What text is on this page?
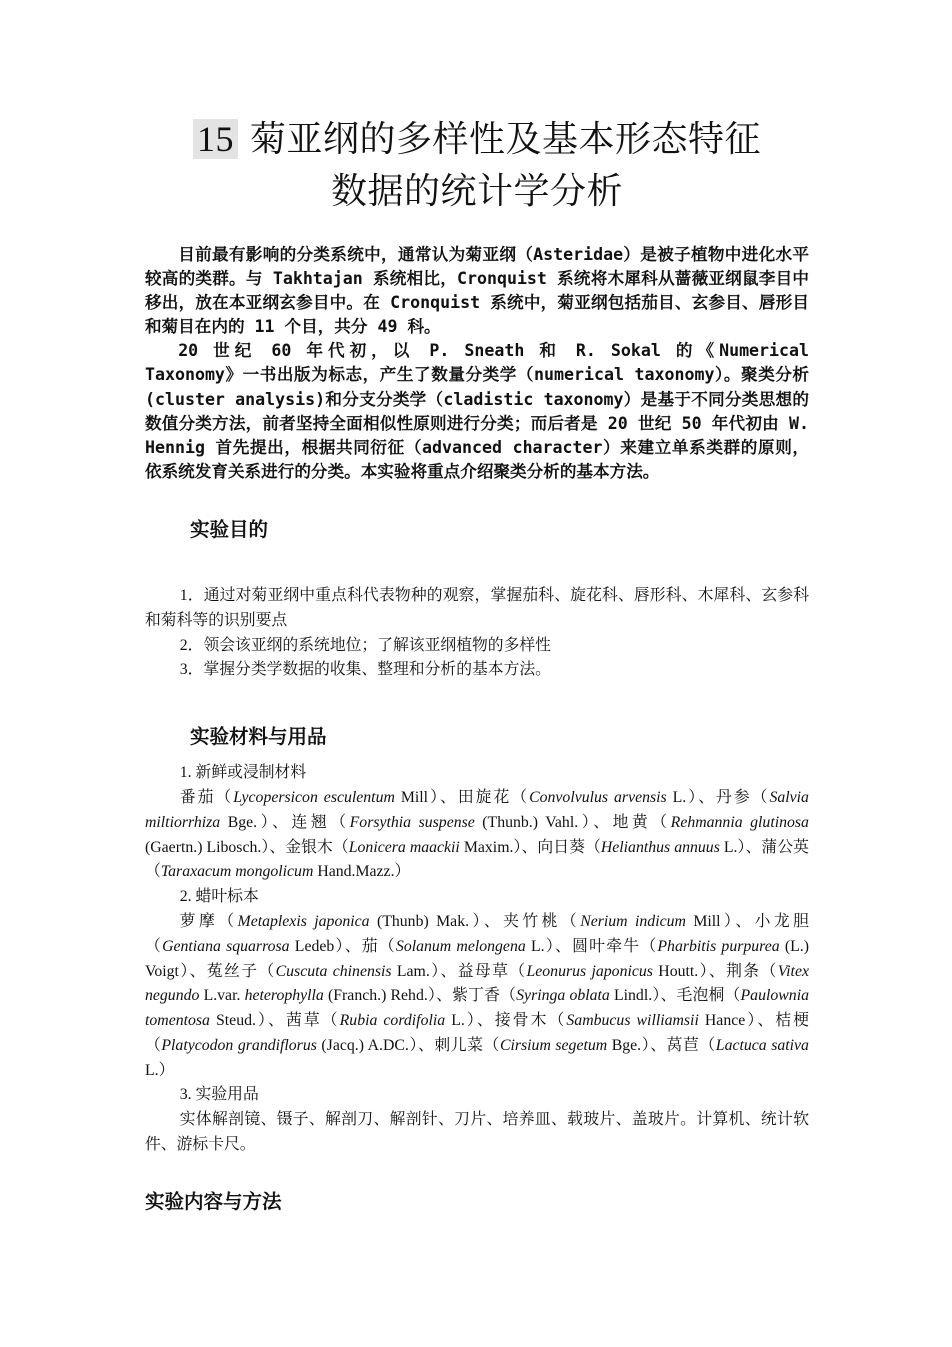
15 菊亚纲的多样性及基本形态特征
数据的统计学分析

目前最有影响的分类系统中，通常认为菊亚纲（Asteridae）是被子植物中进化水平较高的类群。与 Takhtajan 系统相比，Cronquist 系统将木犀科从蔷薇亚纲鼠李目中移出，放在本亚纲玄参目中。在 Cronquist 系统中，菊亚纲包括茄目、玄参目、唇形目和菊目在内的 11 个目，共分 49 科。

20 世纪 60 年代初，以 P. Sneath 和 R. Sokal 的《Numerical Taxonomy》一书出版为标志，产生了数量分类学（numerical taxonomy）。聚类分析(cluster analysis)和分支分类学（cladistic taxonomy）是基于不同分类思想的数值分类方法，前者坚持全面相似性原则进行分类；而后者是 20 世纪 50 年代初由 W. Hennig 首先提出，根据共同衍征（advanced character）来建立单系类群的原则，依系统发育关系进行的分类。本实验将重点介绍聚类分析的基本方法。

实验目的

1．通过对菊亚纲中重点科代表物种的观察，掌握茄科、旋花科、唇形科、木犀科、玄参科和菊科等的识别要点

2．领会该亚纲的系统地位；了解该亚纲植物的多样性

3．掌握分类学数据的收集、整理和分析的基本方法。

实验材料与用品

1. 新鲜或浸制材料

番茄（Lycopersicon esculentum Mill）、田旋花（Convolvulus arvensis L.）、丹参（Salvia miltiorrhiza Bge.）、连翘（Forsythia suspense (Thunb.) Vahl.）、地黄（Rehmannia glutinosa (Gaertn.) Libosch.）、金银木（Lonicera maackii Maxim.）、向日葵（Helianthus annuus L.）、蒲公英（Taraxacum mongolicum Hand.Mazz.）

2. 蜡叶标本

萝摩（Metaplexis japonica (Thunb) Mak.）、夹竹桃（Nerium indicum Mill）、小龙胆（Gentiana squarrosa Ledeb）、茄（Solanum melongena L.）、圆叶牵牛（Pharbitis purpurea (L.) Voigt）、菟丝子（Cuscuta chinensis Lam.）、益母草（Leonurus japonicus Houtt.）、荆条（Vitex negundo L.var. heterophylla (Franch.) Rehd.）、紫丁香（Syringa oblata Lindl.）、毛泡桐（Paulownia tomentosa Steud.）、茜草（Rubia cordifolia L.）、接骨木（Sambucus williamsii Hance）、桔梗（Platycodon grandiflorus (Jacq.) A.DC.）、刺儿菜（Cirsium segetum Bge.）、莴苣（Lactuca sativa L.）

3. 实验用品

实体解剖镜、镊子、解剖刀、解剖针、刀片、培养皿、载玻片、盖玻片。计算机、统计软件、游标卡尺。

实验内容与方法
